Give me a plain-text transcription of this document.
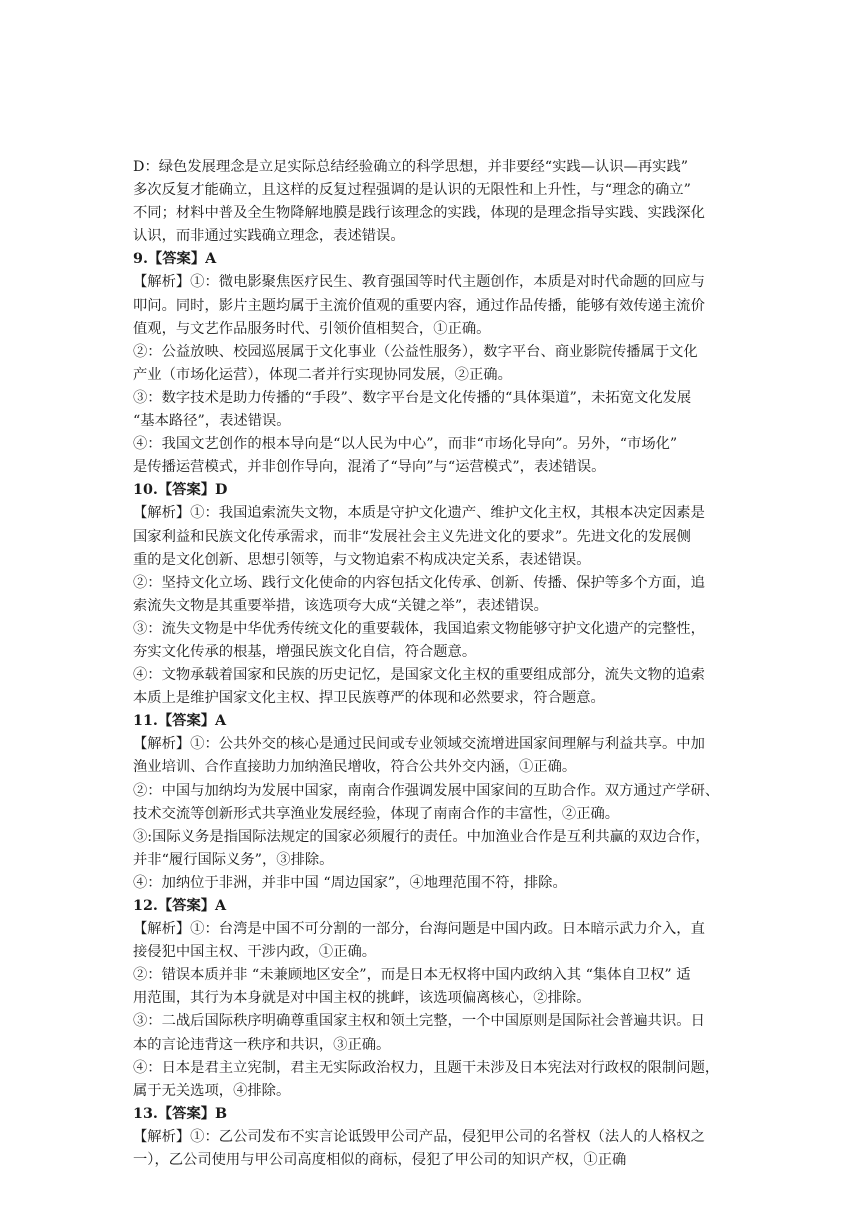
D：绿色发展理念是立足实际总结经验确立的科学思想，并非要经“实践—认识—再实践”

多次反复才能确立，且这样的反复过程强调的是认识的无限性和上升性，与“理念的确立”

不同；材料中普及全生物降解地膜是践行该理念的实践，体现的是理念指导实践、实践深化

认识，而非通过实践确立理念，表述错误。

9.【答案】A

【解析】①：微电影聚焦医疗民生、教育强国等时代主题创作，本质是对时代命题的回应与

叩问。同时，影片主题均属于主流价值观的重要内容，通过作品传播，能够有效传递主流价

值观，与文艺作品服务时代、引领价值相契合，①正确。

②：公益放映、校园巡展属于文化事业（公益性服务），数字平台、商业影院传播属于文化

产业（市场化运营），体现二者并行实现协同发展，②正确。

③：数字技术是助力传播的“手段”、数字平台是文化传播的“具体渠道”，未拓宽文化发展

“基本路径”，表述错误。

④：我国文艺创作的根本导向是“以人民为中心”，而非“市场化导向”。另外，“市场化”

是传播运营模式，并非创作导向，混淆了“导向”与“运营模式”，表述错误。

10.【答案】D

【解析】①：我国追索流失文物，本质是守护文化遗产、维护文化主权，其根本决定因素是

国家利益和民族文化传承需求，而非“发展社会主义先进文化的要求”。先进文化的发展侧

重的是文化创新、思想引领等，与文物追索不构成决定关系，表述错误。

②：坚持文化立场、践行文化使命的内容包括文化传承、创新、传播、保护等多个方面，追

索流失文物是其重要举措，该选项夸大成“关键之举”，表述错误。

③：流失文物是中华优秀传统文化的重要载体，我国追索文物能够守护文化遗产的完整性，

夯实文化传承的根基，增强民族文化自信，符合题意。

④：文物承载着国家和民族的历史记忆，是国家文化主权的重要组成部分，流失文物的追索

本质上是维护国家文化主权、捍卫民族尊严的体现和必然要求，符合题意。

11.【答案】A

【解析】①：公共外交的核心是通过民间或专业领域交流增进国家间理解与利益共享。中加

渔业培训、合作直接助力加纳渔民增收，符合公共外交内涵，①正确。

②：中国与加纳均为发展中国家，南南合作强调发展中国家间的互助合作。双方通过产学研、

技术交流等创新形式共享渔业发展经验，体现了南南合作的丰富性，②正确。

③:国际义务是指国际法规定的国家必须履行的责任。中加渔业合作是互利共赢的双边合作，

并非“履行国际义务”，③排除。

④：加纳位于非洲，并非中国 “周边国家”，④地理范围不符，排除。

12.【答案】A

【解析】①：台湾是中国不可分割的一部分，台海问题是中国内政。日本暗示武力介入，直

接侵犯中国主权、干涉内政，①正确。

②：错误本质并非 “未兼顾地区安全”，而是日本无权将中国内政纳入其 “集体自卫权” 适

用范围，其行为本身就是对中国主权的挑衅，该选项偏离核心，②排除。

③：二战后国际秩序明确尊重国家主权和领土完整，一个中国原则是国际社会普遍共识。日

本的言论违背这一秩序和共识，③正确。

④：日本是君主立宪制，君主无实际政治权力，且题干未涉及日本宪法对行政权的限制问题，

属于无关选项，④排除。

13.【答案】B

【解析】①：乙公司发布不实言论诋毁甲公司产品，侵犯甲公司的名誉权（法人的人格权之

一），乙公司使用与甲公司高度相似的商标，侵犯了甲公司的知识产权，①正确
